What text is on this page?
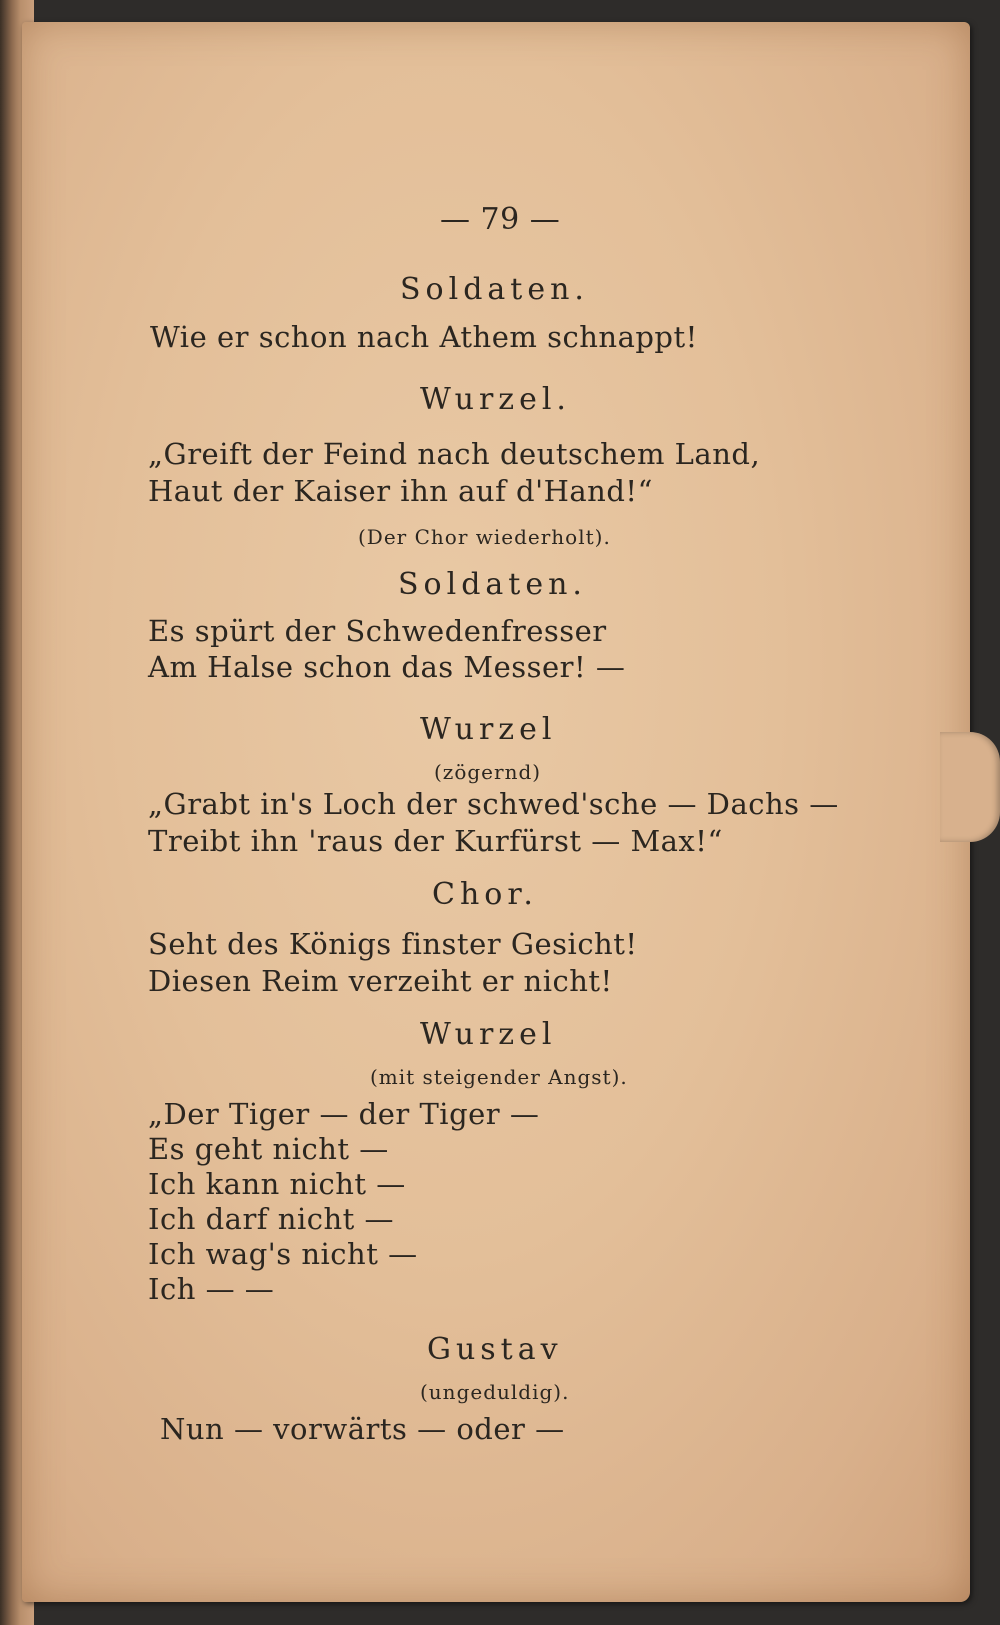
— 79 —
Soldaten.
Wie er schon nach Athem schnappt!
Wurzel.
„Greift der Feind nach deutschem Land,
Haut der Kaiser ihn auf d'Hand!“
(Der Chor wiederholt).
Soldaten.
Es spürt der Schwedenfresser
Am Halse schon das Messer! —
Wurzel
(zögernd)
„Grabt in's Loch der schwed'sche — Dachs —
Treibt ihn 'raus der Kurfürst — Max!“
Chor.
Seht des Königs finster Gesicht!
Diesen Reim verzeiht er nicht!
Wurzel
(mit steigender Angst).
„Der Tiger — der Tiger —
Es geht nicht —
Ich kann nicht —
Ich darf nicht —
Ich wag's nicht —
Ich — —
Gustav
(ungeduldig).
Nun — vorwärts — oder —
